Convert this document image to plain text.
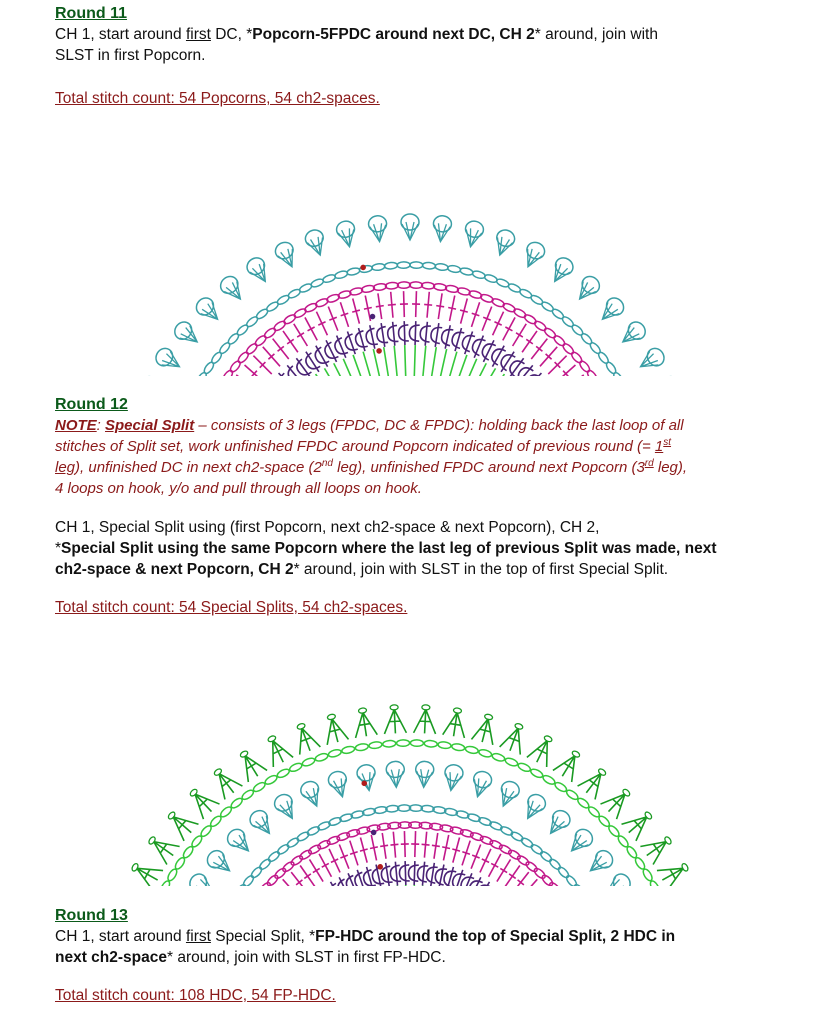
Round 11

CH 1, start around first DC, *Popcorn-5FPDC around next DC, CH 2* around, join with

SLST in first Popcorn.

Total stitch count: 54 Popcorns, 54 ch2-spaces.
Round 12

NOTE: Special Split – consists of 3 legs (FPDC, DC & FPDC): holding back the last loop of all

stitches of Split set, work unfinished FPDC around Popcorn indicated of previous round (= 1st

leg), unfinished DC in next ch2-space (2nd leg), unfinished FPDC around next Popcorn (3rd leg),

4 loops on hook, y/o and pull through all loops on hook.

CH 1, Special Split using (first Popcorn, next ch2-space & next Popcorn), CH 2,

*Special Split using the same Popcorn where the last leg of previous Split was made, next

ch2-space & next Popcorn, CH 2* around, join with SLST in the top of first Special Split.

Total stitch count: 54 Special Splits, 54 ch2-spaces.
Round 13

CH 1, start around first Special Split, *FP-HDC around the top of Special Split, 2 HDC in

next ch2-space* around, join with SLST in first FP-HDC.

Total stitch count: 108 HDC, 54 FP-HDC.
